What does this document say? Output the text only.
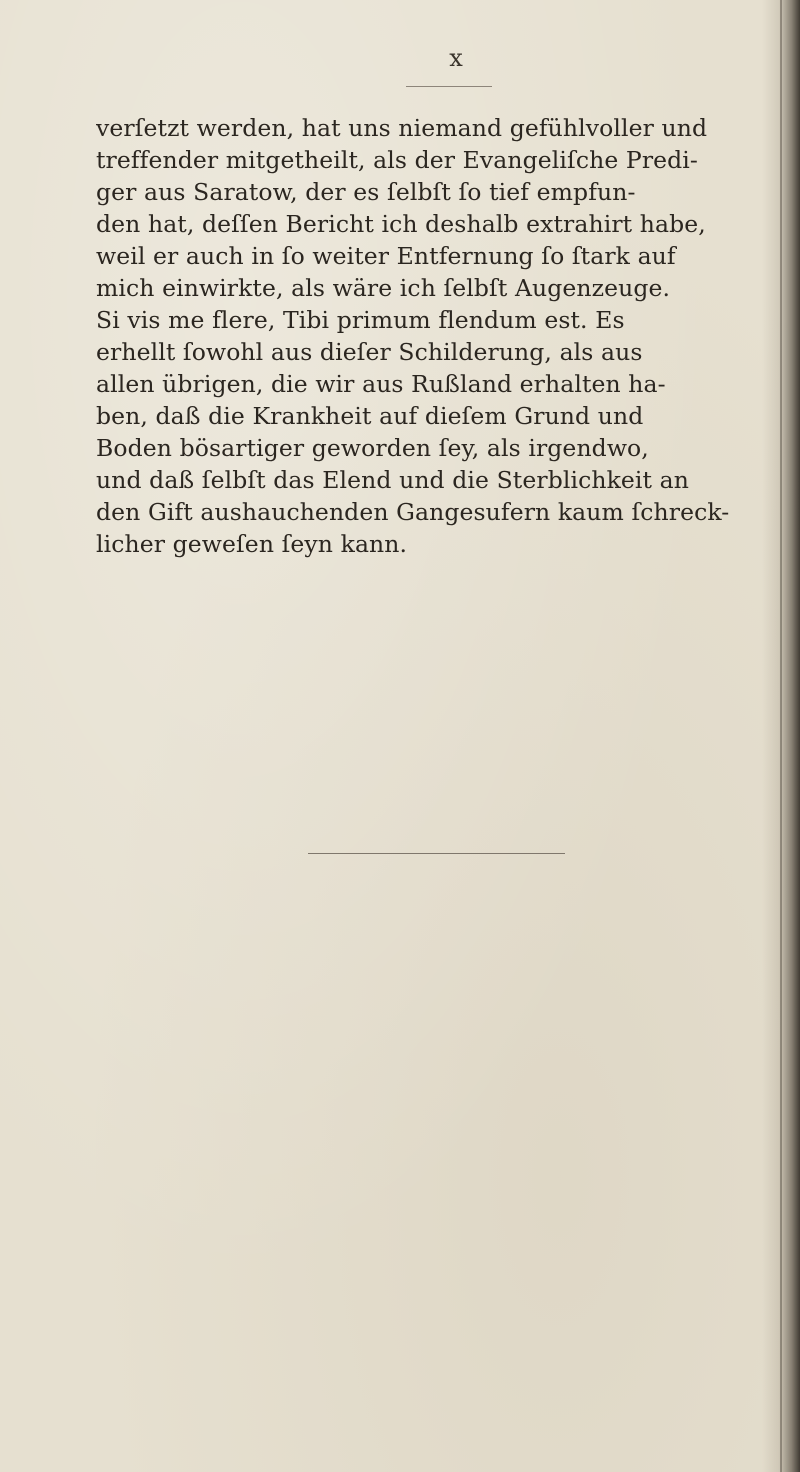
x
verſetzt werden, hat uns niemand gefühlvoller und
treffender mitgetheilt, als der Evangeliſche Predi-
ger aus Saratow, der es ſelbſt ſo tief empfun-
den hat, deſſen Bericht ich deshalb extrahirt habe,
weil er auch in ſo weiter Entfernung ſo ſtark auf
mich einwirkte, als wäre ich ſelbſt Augenzeuge.
Si vis me flere, Tibi primum flendum est. Es
erhellt ſowohl aus dieſer Schilderung, als aus
allen übrigen, die wir aus Rußland erhalten ha-
ben, daß die Krankheit auf dieſem Grund und
Boden bösartiger geworden ſey, als irgendwo,
und daß ſelbſt das Elend und die Sterblichkeit an
den Gift aushauchenden Gangesufern kaum ſchreck-
licher geweſen ſeyn kann.
